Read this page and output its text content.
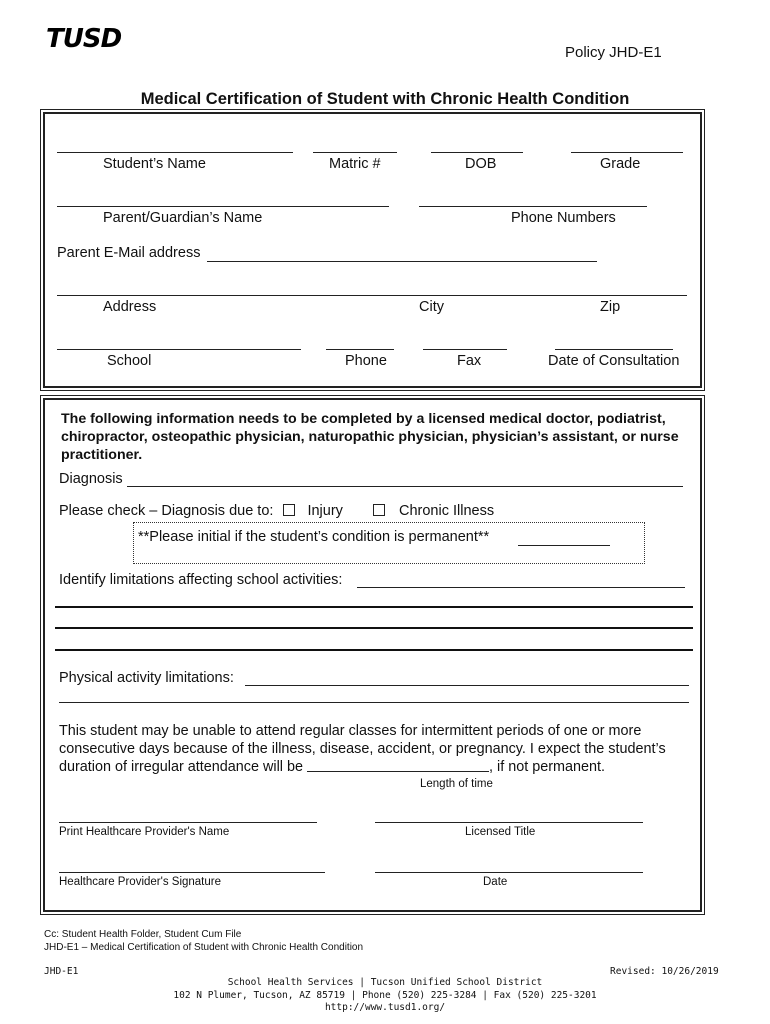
TUSD	Policy JHD-E1
Medical Certification of Student with Chronic Health Condition
Student’s Name	Matric #	DOB	Grade
Parent/Guardian’s Name	Phone Numbers
Parent E-Mail address
Address	City	Zip
School	Phone	Fax	Date of Consultation
The following information needs to be completed by a licensed medical doctor, podiatrist, chiropractor, osteopathic physician, naturopathic physician, physician’s assistant, or nurse practitioner.
Diagnosis
Please check – Diagnosis due to: Injury	Chronic Illness
**Please initial if the student’s condition is permanent**
Identify limitations affecting school activities:
Physical activity limitations:
This student may be unable to attend regular classes for intermittent periods of one or more consecutive days because of the illness, disease, accident, or pregnancy. I expect the student’s duration of irregular attendance will be	, if not permanent.
Length of time
Print Healthcare Provider's Name	Licensed Title
Healthcare Provider's Signature	Date
Cc: Student Health Folder, Student Cum File
JHD-E1 – Medical Certification of Student with Chronic Health Condition
JHD-E1	Revised: 10/26/2019
School Health Services | Tucson Unified School District
102 N Plumer, Tucson, AZ 85719 | Phone (520) 225-3284 | Fax (520) 225-3201
http://www.tusd1.org/
